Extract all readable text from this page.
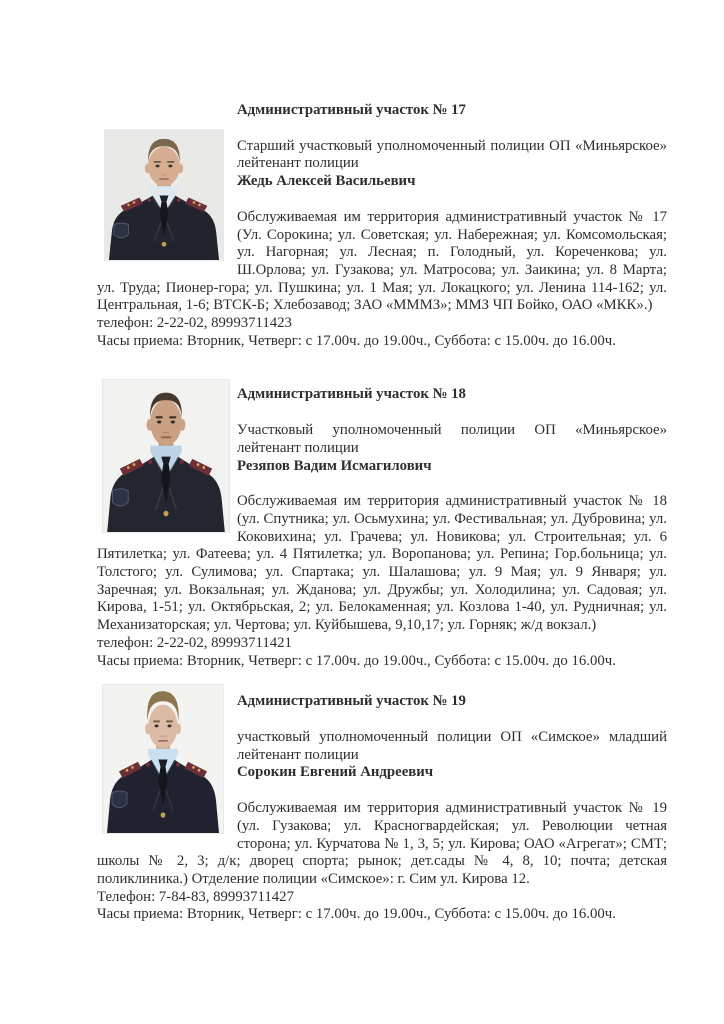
Административный участок № 17

Старший участковый уполномоченный полиции ОП «Миньярское» лейтенант полиции

Жедь Алексей Васильевич

Обслуживаемая им территория административный участок № 17 (Ул. Сорокина; ул. Советская; ул. Набережная; ул. Комсомольская; ул. Нагорная; ул. Лесная; п. Голодный, ул. Кореченкова; ул. Ш.Орлова; ул. Гузакова; ул. Матросова; ул. Заикина; ул. 8 Марта; ул. Труда; Пионер-гора; ул. Пушкина; ул. 1 Мая; ул. Локацкого; ул. Ленина 114-162; ул. Центральная, 1-6; ВТСК-Б; Хлебозавод; ЗАО «МММЗ»; ММЗ ЧП Бойко, ОАО «МКК».)
телефон: 2-22-02, 89993711423
Часы приема: Вторник, Четверг: с 17.00ч. до 19.00ч., Суббота: с 15.00ч. до 16.00ч.

Административный участок № 18

Участковый уполномоченный полиции ОП «Миньярское» лейтенант полиции

Резяпов Вадим Исмагилович

Обслуживаемая им территория административный участок № 18 (ул. Спутника; ул. Осьмухина; ул. Фестивальная; ул. Дубровина; ул. Коковихина; ул. Грачева; ул. Новикова; ул. Строительная; ул. 6 Пятилетка; ул. Фатеева; ул. 4 Пятилетка; ул. Воропанова; ул. Репина; Гор.больница; ул. Толстого; ул. Сулимова; ул. Спартака; ул. Шалашова; ул. 9 Мая; ул. 9 Января; ул. Заречная; ул. Вокзальная; ул. Жданова; ул. Дружбы; ул. Холодилина; ул. Садовая; ул. Кирова, 1-51; ул. Октябрьская, 2; ул. Белокаменная; ул. Козлова 1-40, ул. Рудничная; ул. Механизаторская; ул. Чертова; ул. Куйбышева, 9,10,17; ул. Горняк; ж/д вокзал.)
телефон: 2-22-02, 89993711421
Часы приема: Вторник, Четверг: с 17.00ч. до 19.00ч., Суббота: с 15.00ч. до 16.00ч.

Административный участок № 19

участковый уполномоченный полиции ОП «Симское» младший лейтенант полиции

Сорокин Евгений Андреевич

Обслуживаемая им территория административный участок № 19 (ул. Гузакова; ул. Красногвардейская; ул. Революции четная сторона; ул. Курчатова № 1, 3, 5; ул. Кирова; ОАО «Агрегат»; СМТ; школы № 2, 3; д/к; дворец спорта; рынок; дет.сады № 4, 8, 10; почта; детская поликлиника.) Отделение полиции «Симское»: г. Сим ул. Кирова 12.
Телефон: 7-84-83, 89993711427
Часы приема: Вторник, Четверг: с 17.00ч. до 19.00ч., Суббота: с 15.00ч. до 16.00ч.
